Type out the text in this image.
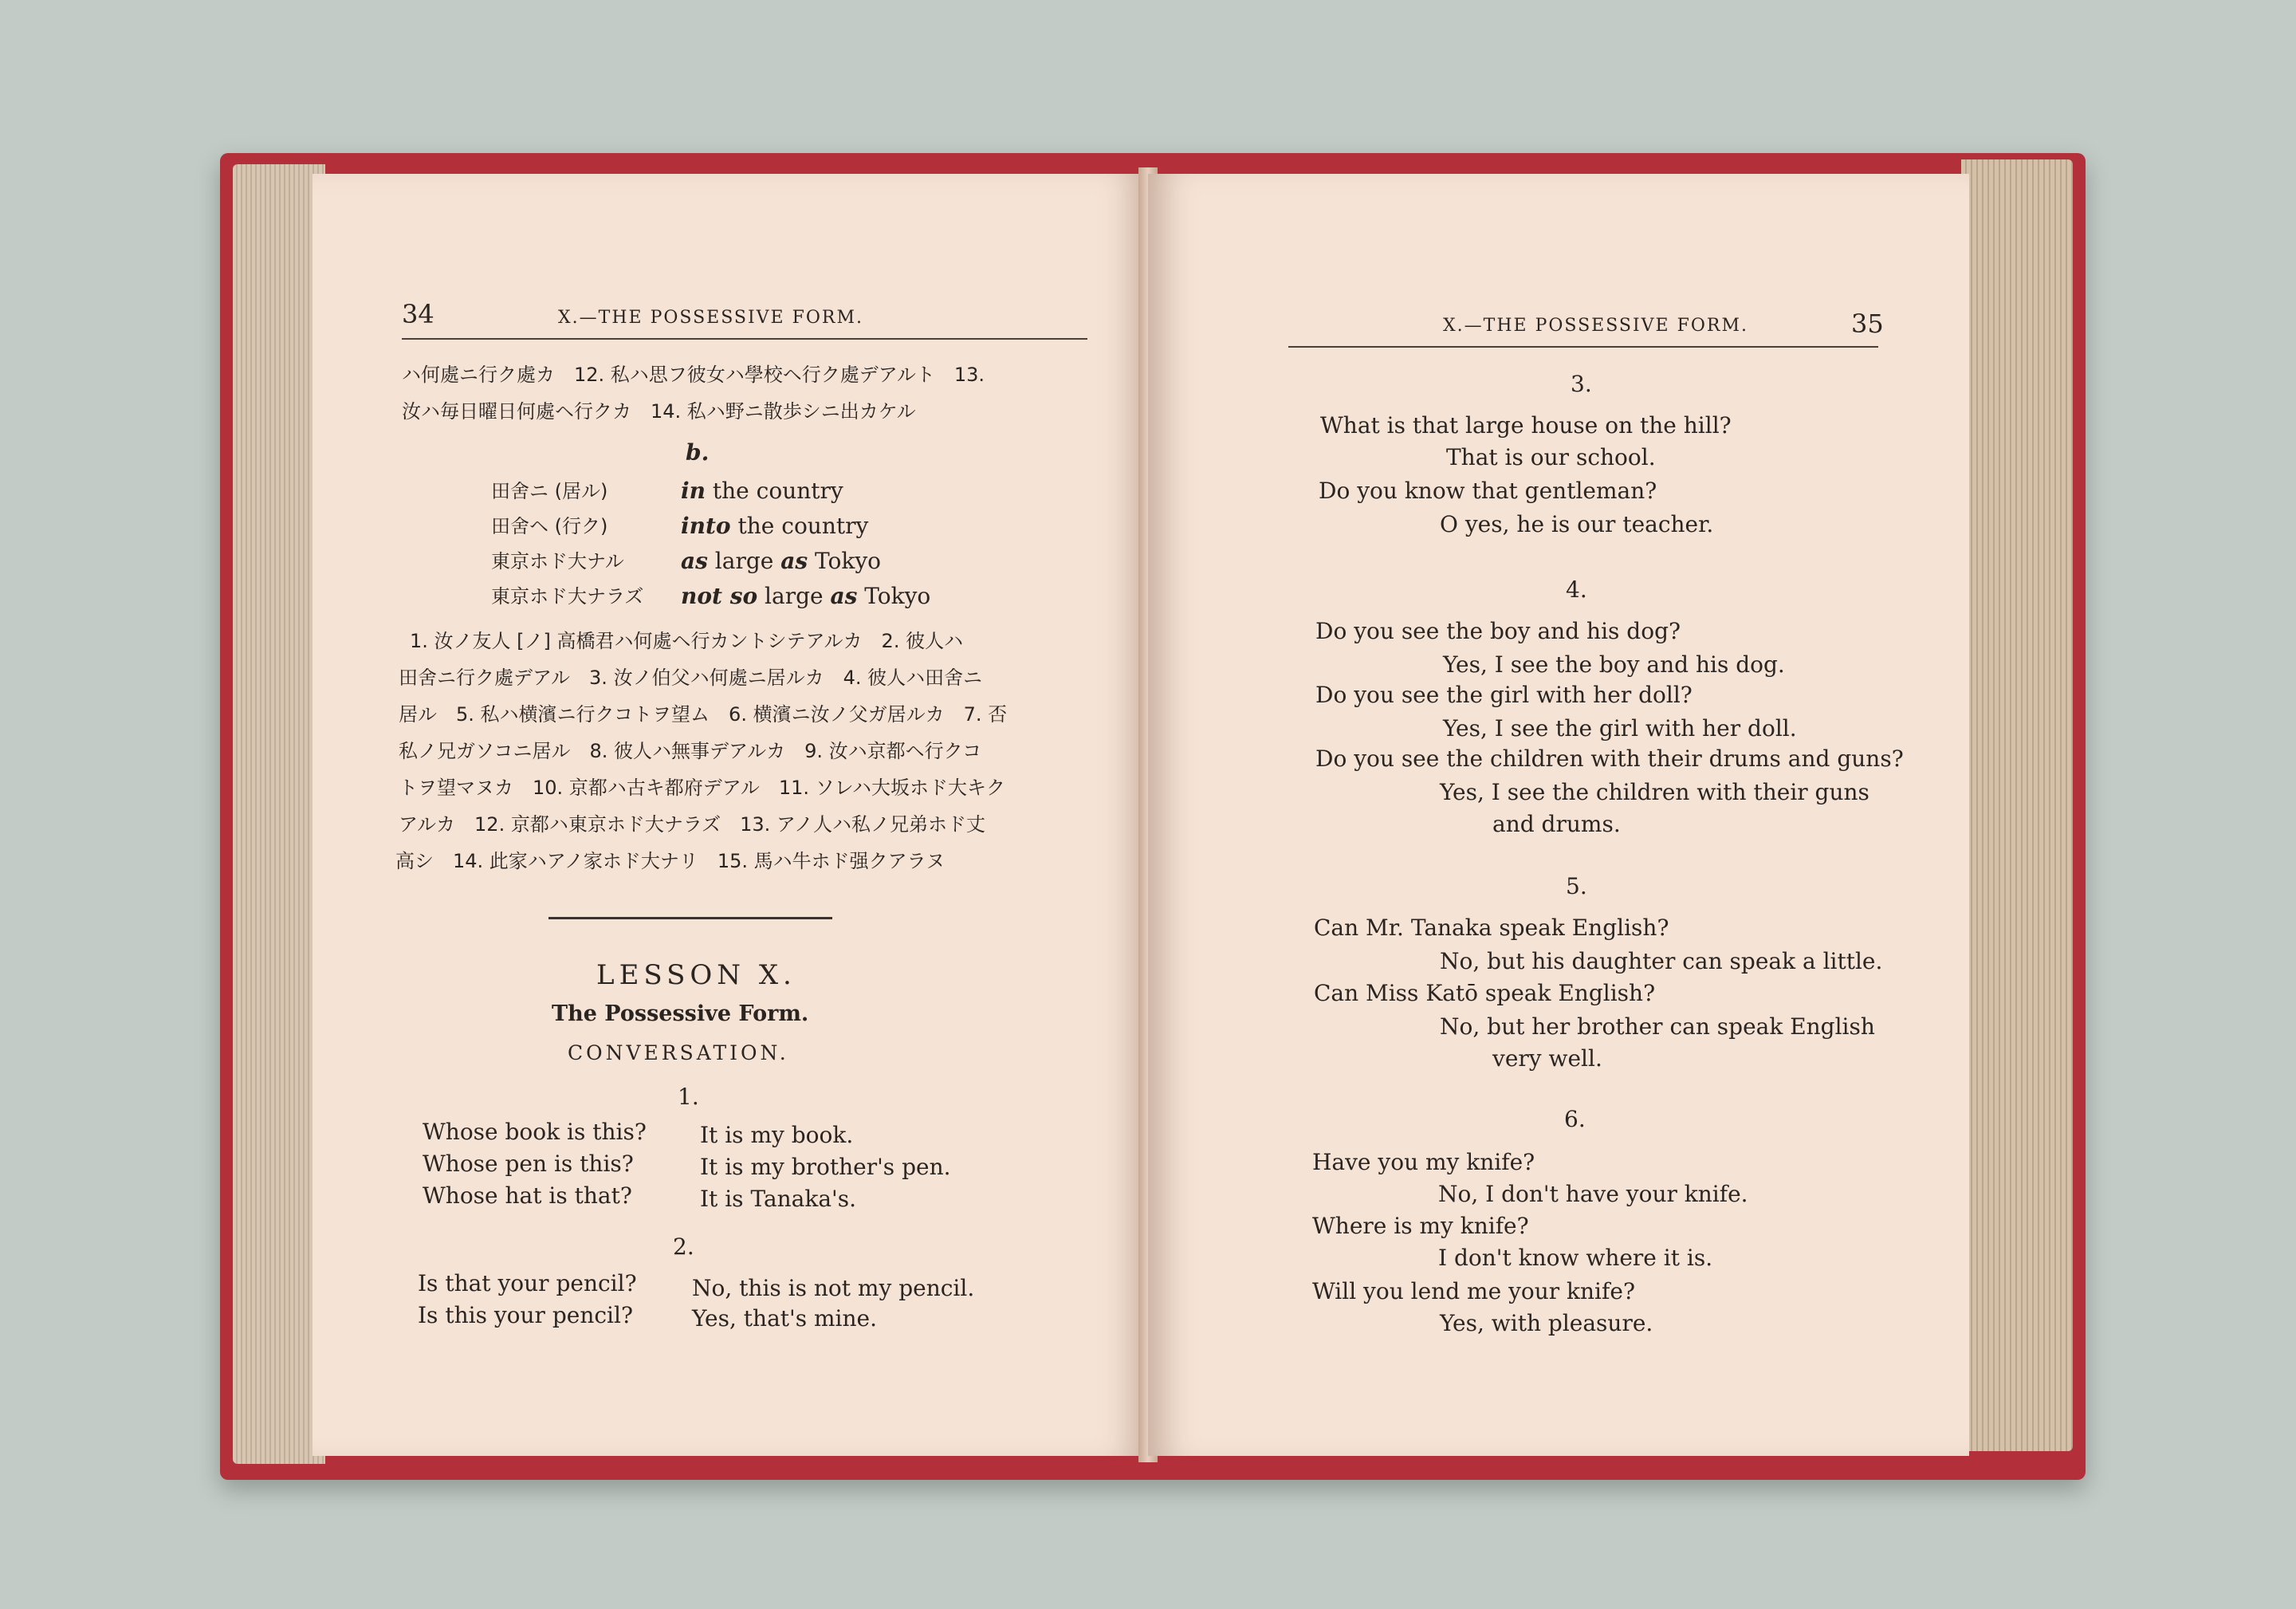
34	X.—THE POSSESSIVE FORM.
ハ何處ニ行ク處カ　12. 私ハ思フ彼女ハ學校ヘ行ク處デアルト　13.
汝ハ毎日曜日何處ヘ行クカ　14. 私ハ野ニ散歩シニ出カケル
b.
田舍ニ (居ル)	in the country
田舍ヘ (行ク)	into the country
東京ホド大ナル	as large as Tokyo
東京ホド大ナラズ not so large as Tokyo
1. 汝ノ友人 [ノ] 高橋君ハ何處ヘ行カントシテアルカ　2. 彼人ハ
田舍ニ行ク處デアル　3. 汝ノ伯父ハ何處ニ居ルカ　4. 彼人ハ田舍ニ
居ル　5. 私ハ横濱ニ行クコトヲ望ム　6. 横濱ニ汝ノ父ガ居ルカ　7. 否
私ノ兄ガソコニ居ル　8. 彼人ハ無事デアルカ　9. 汝ハ京都ヘ行クコ
トヲ望マヌカ　10. 京都ハ古キ都府デアル　11. ソレハ大坂ホド大キク
アルカ　12. 京都ハ東京ホド大ナラズ　13. アノ人ハ私ノ兄弟ホド丈
高シ　14. 此家ハアノ家ホド大ナリ　15. 馬ハ牛ホド强クアラヌ
LESSON X.
The Possessive Form.
CONVERSATION.
1.
Whose book is this? It is my book.
Whose pen is this?	It is my brother's pen.
Whose hat is that?	It is Tanaka's.
2.
Is that your pencil? No, this is not my pencil.
Is this your pencil?	Yes, that's mine.
X.—THE POSSESSIVE FORM.	35
3.
What is that large house on the hill?
That is our school.
Do you know that gentleman?
O yes, he is our teacher.
4.
Do you see the boy and his dog?
Yes, I see the boy and his dog.
Do you see the girl with her doll?
Yes, I see the girl with her doll.
Do you see the children with their drums and guns?
Yes, I see the children with their guns
and drums.
5.
Can Mr. Tanaka speak English?
No, but his daughter can speak a little.
Can Miss Katō speak English?
No, but her brother can speak English
very well.
6.
Have you my knife?
No, I don't have your knife.
Where is my knife?
I don't know where it is.
Will you lend me your knife?
Yes, with pleasure.
